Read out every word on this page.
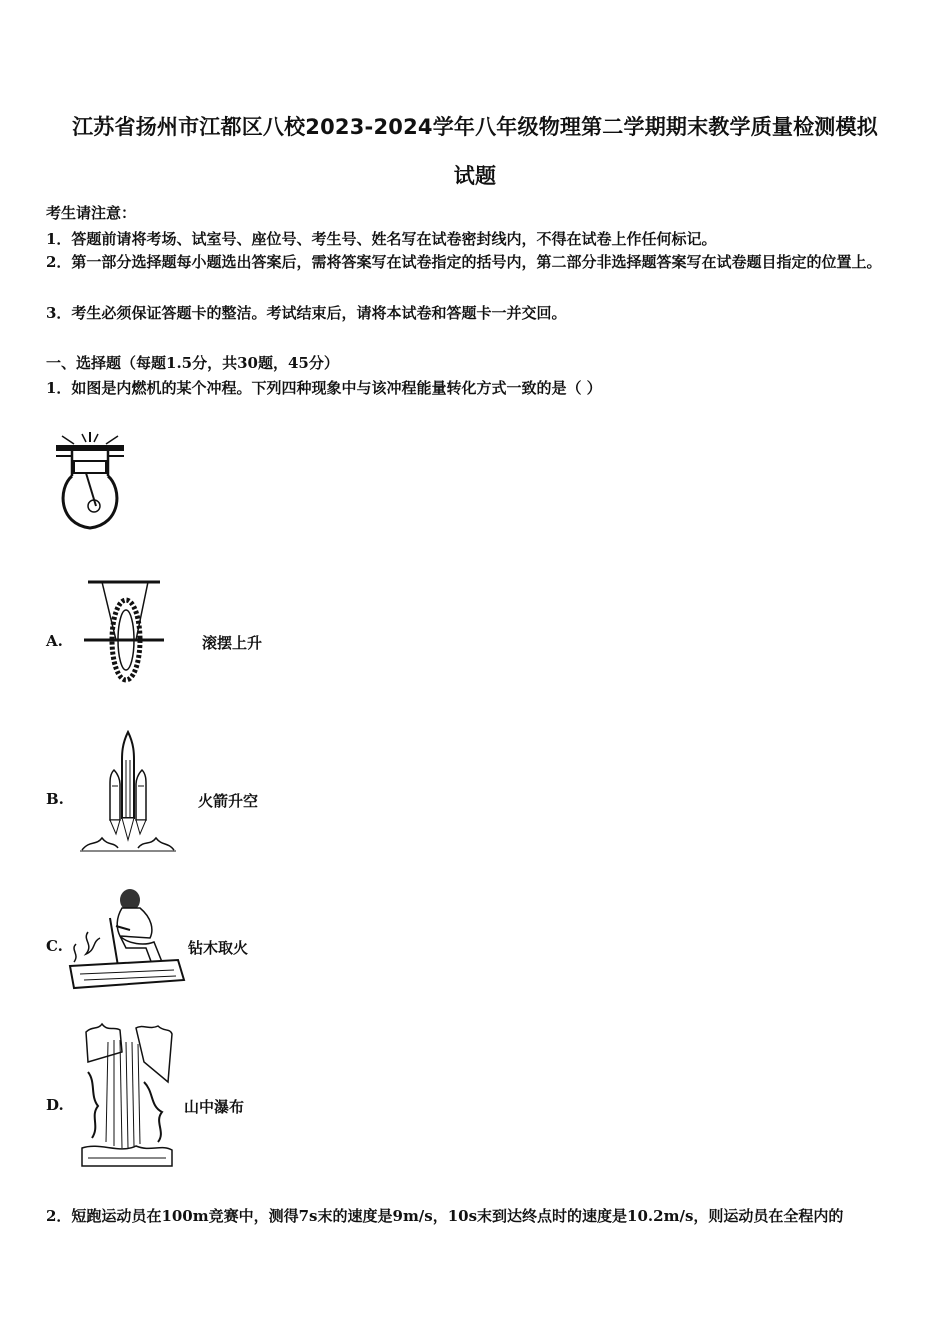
江苏省扬州市江都区八校2023-2024学年八年级物理第二学期期末教学质量检测模拟
试题
考生请注意：
1．答题前请将考场、试室号、座位号、考生号、姓名写在试卷密封线内，不得在试卷上作任何标记。
2．第一部分选择题每小题选出答案后，需将答案写在试卷指定的括号内，第二部分非选择题答案写在试卷题目指定的位置上。
3．考生必须保证答题卡的整洁。考试结束后，请将本试卷和答题卡一并交回。
一、选择题（每题1.5分，共30题，45分）
1．如图是内燃机的某个冲程。下列四种现象中与该冲程能量转化方式一致的是（ ）
A.	滚摆上升
B.	火箭升空
C.	钻木取火
D.	山中瀑布
2．短跑运动员在100m竞赛中，测得7s末的速度是9m/s，10s末到达终点时的速度是10.2m/s，则运动员在全程内的
